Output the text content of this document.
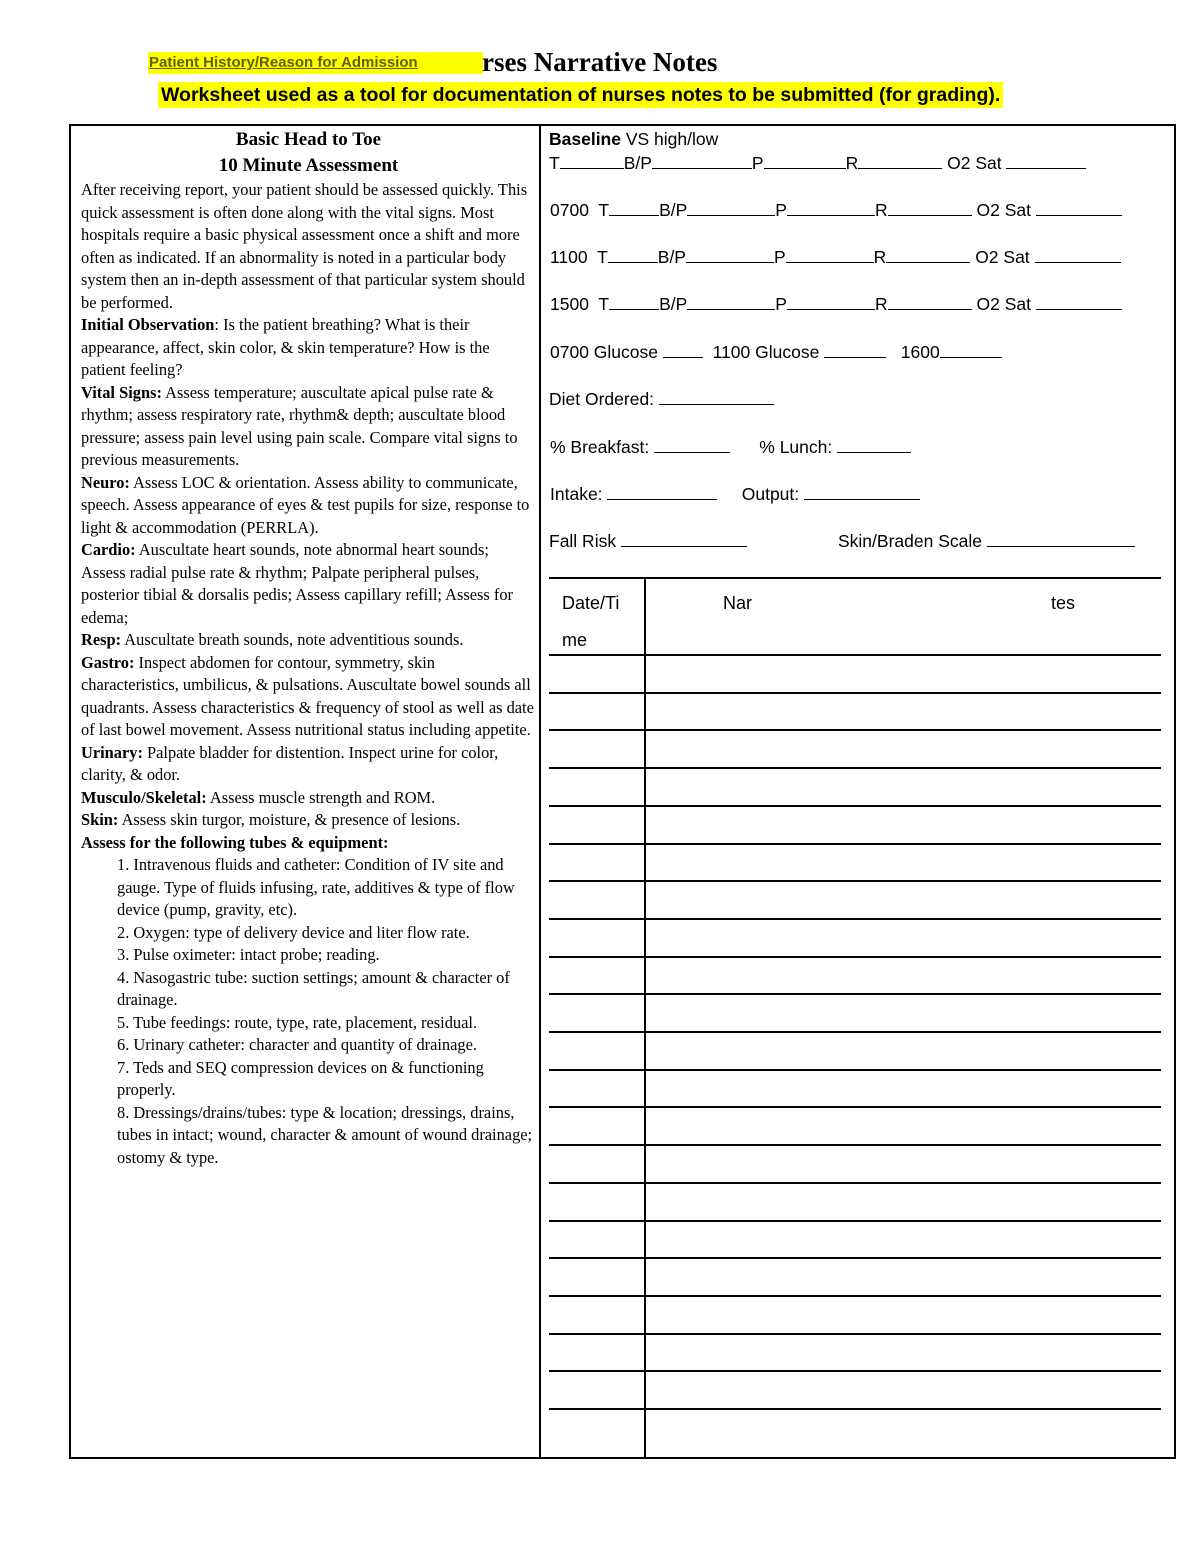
Patient History/Reason for Admission	rses Narrative Notes
Worksheet used as a tool for documentation of nurses notes to be submitted (for grading).
Basic Head to Toe
10 Minute Assessment

After receiving report, your patient should be assessed quickly. This quick assessment is often done along with the vital signs. Most hospitals require a basic physical assessment once a shift and more often as indicated. If an abnormality is noted in a particular body system then an in-depth assessment of that particular system should be performed.

Initial Observation: Is the patient breathing? What is their appearance, affect, skin color, & skin temperature? How is the patient feeling?

Vital Signs: Assess temperature; auscultate apical pulse rate & rhythm; assess respiratory rate, rhythm& depth; auscultate blood pressure; assess pain level using pain scale. Compare vital signs to previous measurements.

Neuro: Assess LOC & orientation. Assess ability to communicate, speech. Assess appearance of eyes & test pupils for size, response to light & accommodation (PERRLA).

Cardio: Auscultate heart sounds, note abnormal heart sounds; Assess radial pulse rate & rhythm; Palpate peripheral pulses, posterior tibial & dorsalis pedis; Assess capillary refill; Assess for edema;

Resp: Auscultate breath sounds, note adventitious sounds.

Gastro: Inspect abdomen for contour, symmetry, skin characteristics, umbilicus, & pulsations. Auscultate bowel sounds all quadrants. Assess characteristics & frequency of stool as well as date of last bowel movement. Assess nutritional status including appetite.

Urinary: Palpate bladder for distention. Inspect urine for color, clarity, & odor.

Musculo/Skeletal: Assess muscle strength and ROM.

Skin: Assess skin turgor, moisture, & presence of lesions.

Assess for the following tubes & equipment:

1. Intravenous fluids and catheter: Condition of IV site and gauge. Type of fluids infusing, rate, additives & type of flow device (pump, gravity, etc).

2. Oxygen: type of delivery device and liter flow rate.

3. Pulse oximeter: intact probe; reading.

4. Nasogastric tube: suction settings; amount & character of drainage.

5. Tube feedings: route, type, rate, placement, residual.

6. Urinary catheter: character and quantity of drainage.

7. Teds and SEQ compression devices on & functioning properly.

8. Dressings/drains/tubes: type & location; dressings, drains, tubes in intact; wound, character & amount of wound drainage; ostomy & type.

Baseline VS high/low
T	B/P	P	R	O2 Sat
0700 T	B/P	P	R	O2 Sat
1100 T	B/P	P	R	O2 Sat
1500 T	B/P	P	R	O2 Sat
0700 Glucose	1100 Glucose	1600
Diet Ordered:
% Breakfast:	% Lunch:
Intake:	Output:
Fall Risk	Skin/Braden Scale
Date/Ti
me
Nar	tes
